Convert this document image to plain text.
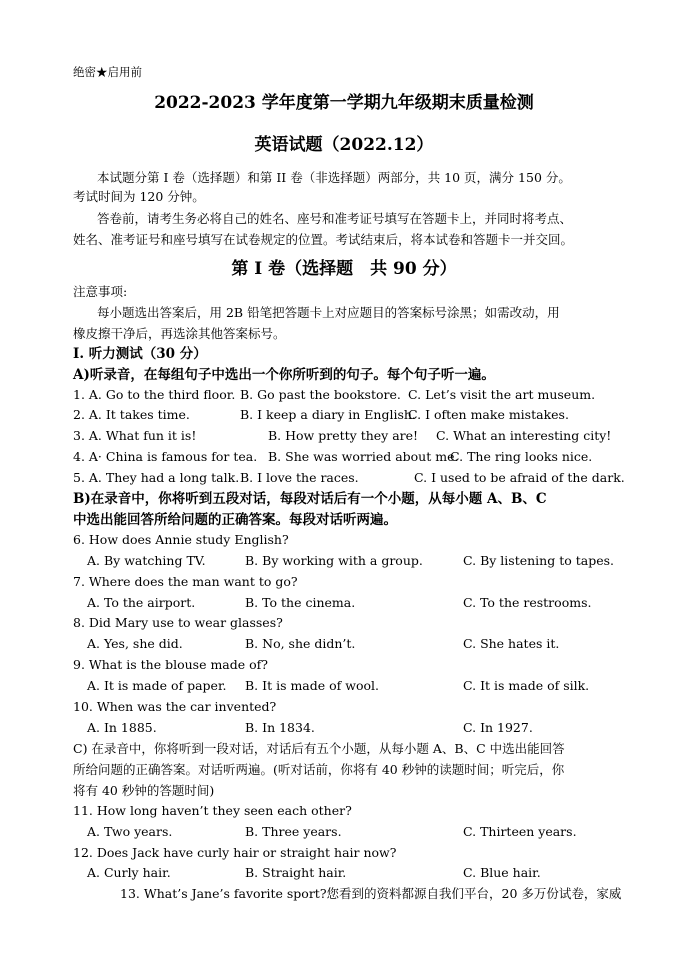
绝密★启用前
2022-2023 学年度第一学期九年级期末质量检测
英语试题（2022.12）
本试题分第 I 卷（选择题）和第 II 卷（非选择题）两部分，共 10 页，满分 150 分。
考试时间为 120 分钟。
答卷前，请考生务必将自己的姓名、座号和准考证号填写在答题卡上，并同时将考点、
姓名、准考证号和座号填写在试卷规定的位置。考试结束后，将本试卷和答题卡一并交回。
第 I 卷（选择题　共 90 分）
注意事项:
每小题选出答案后，用 2B 铅笔把答题卡上对应题目的答案标号涂黑；如需改动，用
橡皮擦干净后，再选涂其他答案标号。
I. 听力测试（30 分）
A)听录音，在每组句子中选出一个你所听到的句子。每个句子听一遍。
1. A. Go to the third floor. B. Go past the bookstore. C. Let’s visit the art museum.
2. A. It takes time.	B. I keep a diary in English.
C. I often make mistakes.
3. A. What fun it is!	B. How pretty they are! C. What an interesting city!
4. A· China is famous for tea. B. She was worried about me.
C. The ring looks nice.
5. A. They had a long talk. B. I love the races.	C. I used to be afraid of the dark.
B)在录音中，你将听到五段对话，每段对话后有一个小题，从每小题 A、B、C
中选出能回答所给问题的正确答案。每段对话听两遍。
6. How does Annie study English?
A. By watching TV.	B. By working with a group.	C. By listening to tapes.
7. Where does the man want to go?
A. To the airport.	B. To the cinema.	C. To the restrooms.
8. Did Mary use to wear glasses?
A. Yes, she did.	B. No, she didn’t.	C. She hates it.
9. What is the blouse made of?
A. It is made of paper. B. It is made of wool.	C. It is made of silk.
10. When was the car invented?
A. In 1885.	B. In 1834.	C. In 1927.
C) 在录音中，你将听到一段对话，对话后有五个小题，从每小题 A、B、C 中选出能回答
所给问题的正确答案。对话听两遍。(听对话前，你将有 40 秒钟的读题时间；听完后，你
将有 40 秒钟的答题时间)
11. How long haven’t they seen each other?
A. Two years.	B. Three years.	C. Thirteen years.
12. Does Jack have curly hair or straight hair now?
A. Curly hair.	B. Straight hair.	C. Blue hair.
13. What’s Jane’s favorite sport?您看到的资料都源自我们平台，20 多万份试卷，家威
